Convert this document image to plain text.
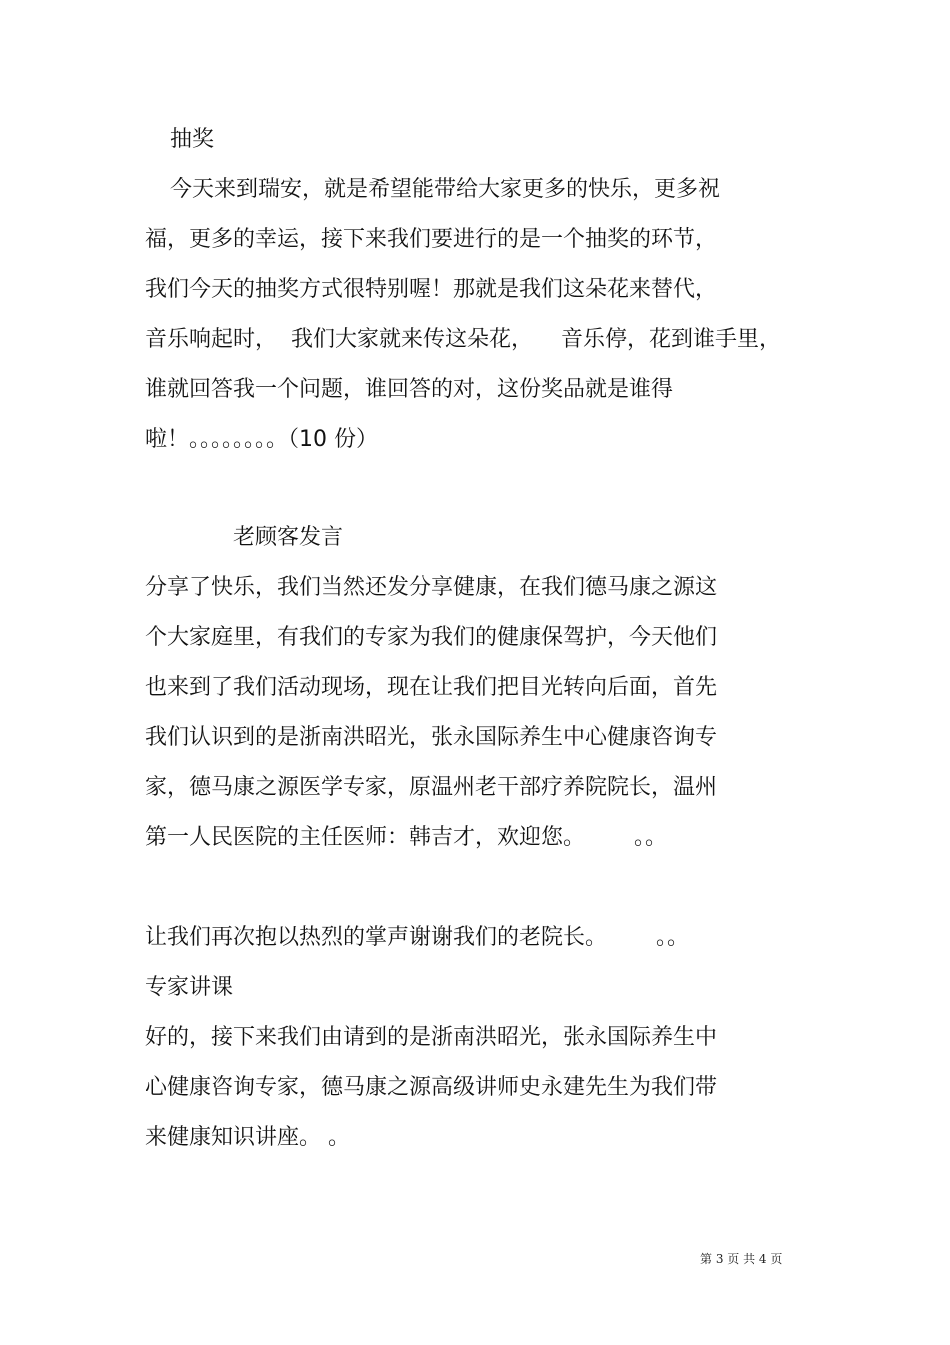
抽奖
今天来到瑞安，就是希望能带给大家更多的快乐，更多祝
福，更多的幸运，接下来我们要进行的是一个抽奖的环节，
我们今天的抽奖方式很特别喔！那就是我们这朵花来替代，
音乐响起时，  我们大家就来传这朵花，    音乐停，花到谁手里，
谁就回答我一个问题，谁回答的对，这份奖品就是谁得
啦！。。。。。。。。（10 份）
老顾客发言
分享了快乐，我们当然还发分享健康，在我们德马康之源这
个大家庭里，有我们的专家为我们的健康保驾护，今天他们
也来到了我们活动现场，现在让我们把目光转向后面，首先
我们认识到的是浙南洪昭光，张永国际养生中心健康咨询专
家，德马康之源医学专家，原温州老干部疗养院院长，温州
第一人民医院的主任医师：韩吉才，欢迎您。       。。
让我们再次抱以热烈的掌声谢谢我们的老院长。       。。
专家讲课
好的，接下来我们由请到的是浙南洪昭光，张永国际养生中
心健康咨询专家，德马康之源高级讲师史永建先生为我们带
来健康知识讲座。 。
第 3 页 共 4 页
